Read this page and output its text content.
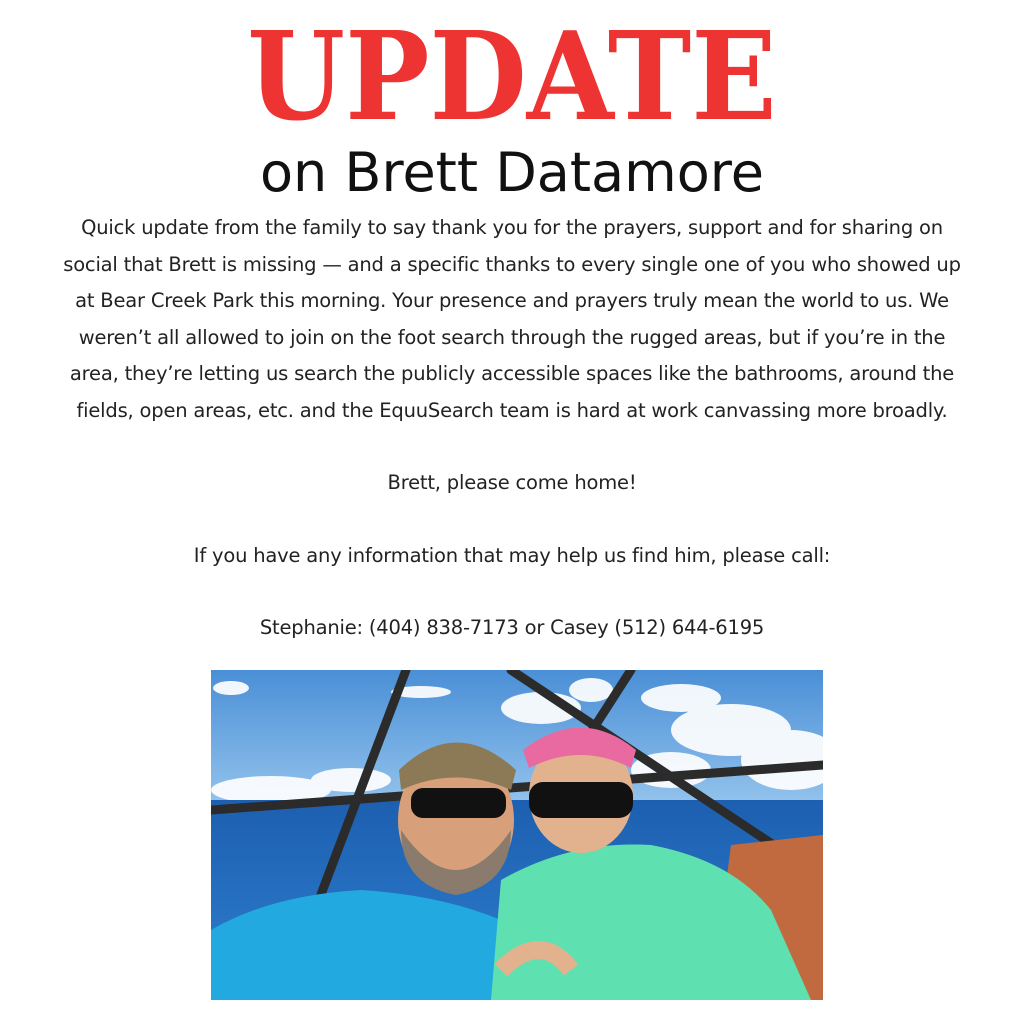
UPDATE
on Brett Datamore
Quick update from the family to say thank you for the prayers, support and for sharing on
social that Brett is missing — and a specific thanks to every single one of you who showed up
at Bear Creek Park this morning. Your presence and prayers truly mean the world to us. We
weren’t all allowed to join on the foot search through the rugged areas, but if you’re in the
area, they’re letting us search the publicly accessible spaces like the bathrooms, around the
fields, open areas, etc. and the EquuSearch team is hard at work canvassing more broadly.
Brett, please come home!
If you have any information that may help us find him, please call:
Stephanie: (404) 838-7173 or Casey (512) 644-6195
